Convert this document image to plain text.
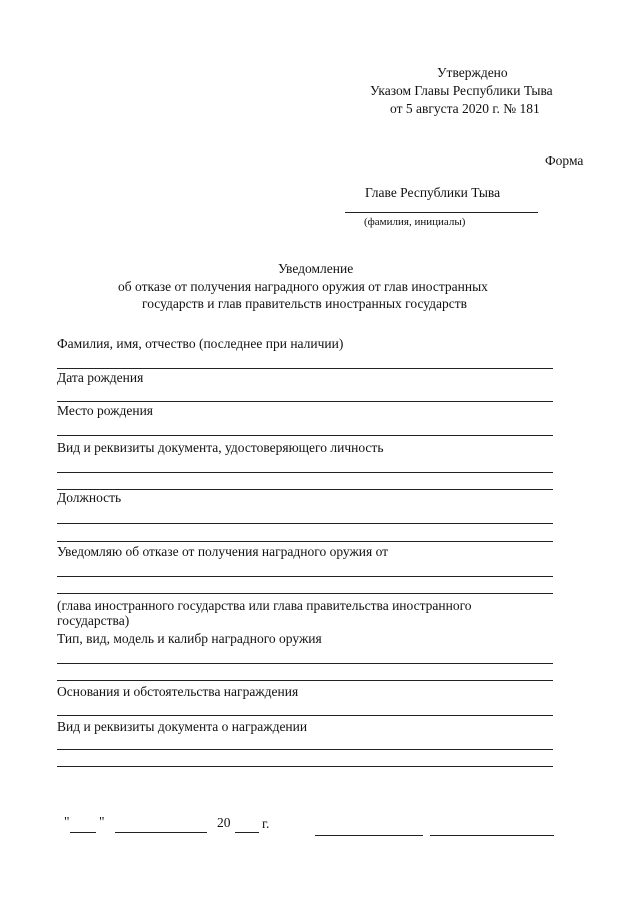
Утверждено
Указом Главы Республики Тыва
от 5 августа 2020 г. № 181
Форма
Главе Республики Тыва
(фамилия, инициалы)
Уведомление
об отказе от получения наградного оружия от глав иностранных
государств и глав правительств иностранных государств
Фамилия, имя, отчество (последнее при наличии)
Дата рождения
Место рождения
Вид и реквизиты документа, удостоверяющего личность
Должность
Уведомляю об отказе от получения наградного оружия от
(глава иностранного государства или глава правительства иностранного
государства)
Тип, вид, модель и калибр наградного оружия
Основания и обстоятельства награждения
Вид и реквизиты документа о награждении
" "	20 г.
